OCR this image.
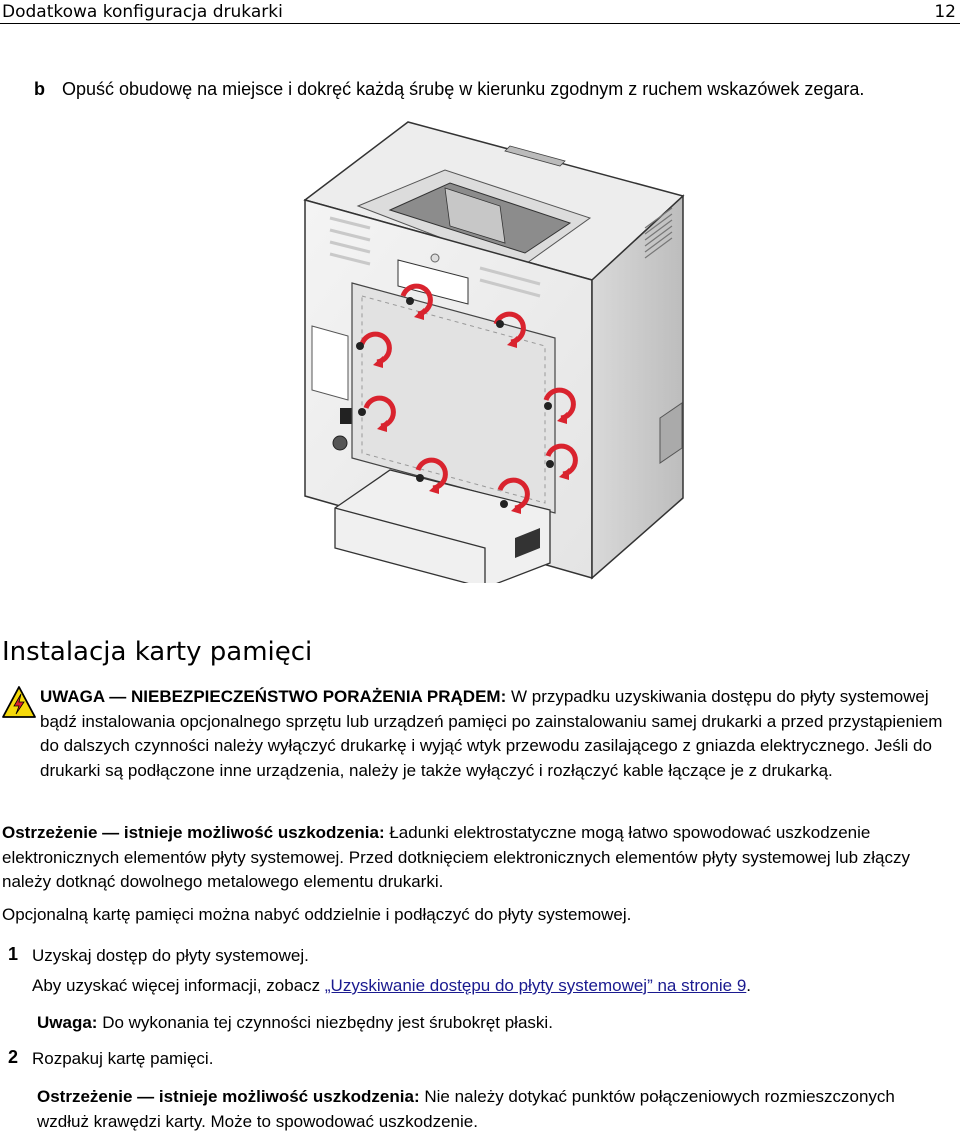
Dodatkowa konfiguracja drukarki	12
b Opuść obudowę na miejsce i dokręć każdą śrubę w kierunku zgodnym z ruchem wskazówek zegara.
Instalacja karty pamięci
UWAGA — NIEBEZPIECZEŃSTWO PORAŻENIA PRĄDEM: W przypadku uzyskiwania dostępu do płyty systemowej bądź instalowania opcjonalnego sprzętu lub urządzeń pamięci po zainstalowaniu samej drukarki a przed przystąpieniem do dalszych czynności należy wyłączyć drukarkę i wyjąć wtyk przewodu zasilającego z gniazda elektrycznego. Jeśli do drukarki są podłączone inne urządzenia, należy je także wyłączyć i rozłączyć kable łączące je z drukarką.
Ostrzeżenie — istnieje możliwość uszkodzenia: Ładunki elektrostatyczne mogą łatwo spowodować uszkodzenie elektronicznych elementów płyty systemowej. Przed dotknięciem elektronicznych elementów płyty systemowej lub złączy należy dotknąć dowolnego metalowego elementu drukarki.
Opcjonalną kartę pamięci można nabyć oddzielnie i podłączyć do płyty systemowej.
1 Uzyskaj dostęp do płyty systemowej.
Aby uzyskać więcej informacji, zobacz „Uzyskiwanie dostępu do płyty systemowej” na stronie 9.
Uwaga: Do wykonania tej czynności niezbędny jest śrubokręt płaski.
2 Rozpakuj kartę pamięci.
Ostrzeżenie — istnieje możliwość uszkodzenia: Nie należy dotykać punktów połączeniowych rozmieszczonych wzdłuż krawędzi karty. Może to spowodować uszkodzenie.
